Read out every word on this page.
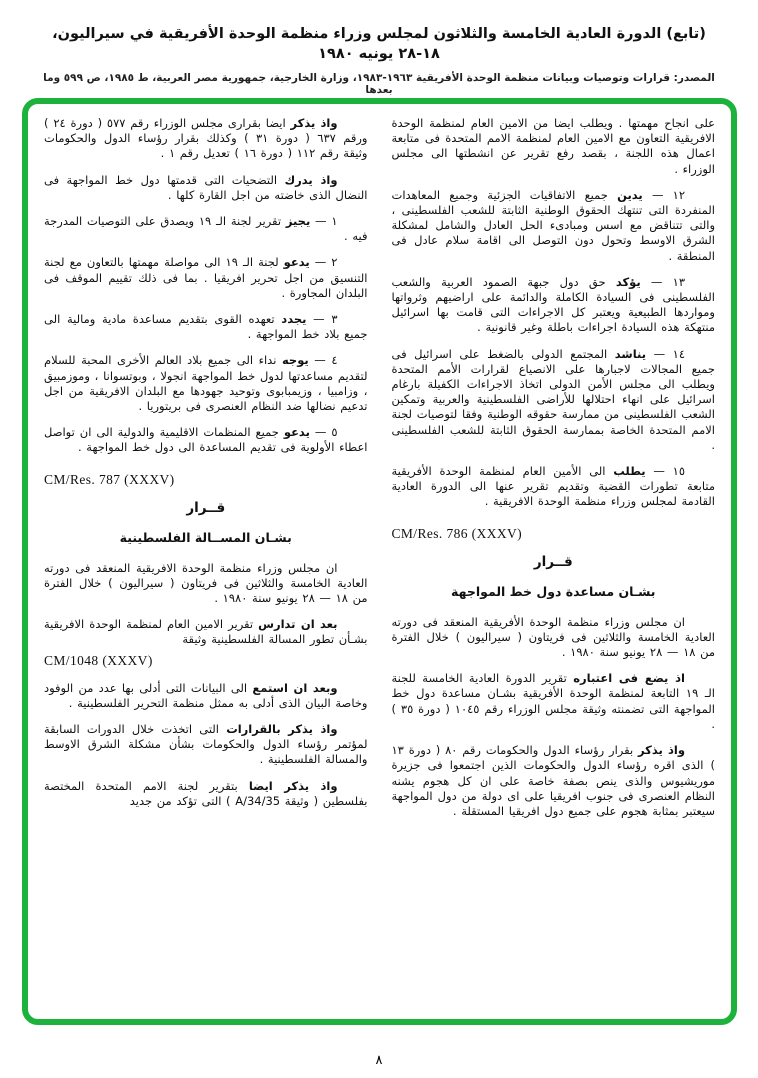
(تابع) الدورة العادية الخامسة والثلاثون لمجلس وزراء منظمة الوحدة الأفريقية في سيراليون، ١٨-٢٨ يونيه ١٩٨٠
المصدر: قرارات وتوصيات وبيانات منظمة الوحدة الأفريقية ١٩٦٣-١٩٨٣، وزارة الخارجية، جمهورية مصر العربية، ط ١٩٨٥، ص ٥٩٩ وما بعدها

على انجاح مهمتها . ويطلب ايضا من الامين العام لمنظمة الوحدة الافريقية التعاون مع الامين العام لمنظمة الامم المتحدة فى متابعة اعمال هذه اللجنة ، بقصد رفع تقرير عن انشطتها الى مجلس الوزراء .

١٢ — يدين جميع الاتفاقيات الجزئية وجميع المعاهدات المنفردة التى تنتهك الحقوق الوطنية الثابتة للشعب الفلسطينى ، والتى تتناقض مع اسس ومبادىء الحل العادل والشامل لمشكلة الشرق الاوسط وتحول دون التوصل الى اقامة سلام عادل فى المنطقة .

١٣ — يؤكد حق دول جبهة الصمود العربية والشعب الفلسطينى فى السيادة الكاملة والدائمة على اراضيهم وثرواتها ومواردها الطبيعية ويعتبر كل الاجراءات التى قامت بها اسرائيل منتهكة هذه السيادة اجراءات باطلة وغير قانونية .

١٤ — يناشد المجتمع الدولى بالضغط على اسرائيل فى جميع المجالات لاجبارها على الانصياع لقرارات الأمم المتحدة ويطلب الى مجلس الأمن الدولى اتخاذ الاجراءات الكفيلة بارغام اسرائيل على انهاء احتلالها للأراضى الفلسطينية والعربية وتمكين الشعب الفلسطينى من ممارسة حقوقه الوطنية وفقا لتوصيات لجنة الامم المتحدة الخاصة بممارسة الحقوق الثابتة للشعب الفلسطينى .

١٥ — يطلب الى الأمين العام لمنظمة الوحدة الأفريقية متابعة تطورات القضية وتقديم تقرير عنها الى الدورة العادية القادمة لمجلس وزراء منظمة الوحدة الافريقية .

CM/Res. 786 (XXXV)

قــرار
بشـان مساعدة دول خط المواجهة

ان مجلس وزراء منظمة الوحدة الأفريقية المنعقد فى دورته العادية الخامسة والثلاثين فى فريتاون ( سيراليون ) خلال الفترة من ١٨ — ٢٨ يونيو سنة ١٩٨٠ .

اذ يضع فى اعتباره تقرير الدورة العادية الخامسة للجنة الـ ١٩ التابعة لمنظمة الوحدة الأفريقية بشـان مساعدة دول خط المواجهة التى تضمنته وثيقة مجلس الوزراء رقم ١٠٤٥ ( دورة ٣٥ ) .

واذ يذكر بقرار رؤساء الدول والحكومات رقم ٨٠ ( دورة ١٣ ) الذى اقره رؤساء الدول والحكومات الذين اجتمعوا فى جزيرة موريشيوس والذى ينص بصفة خاصة على ان كل هجوم يشنه النظام العنصرى فى جنوب افريقيا على اى دولة من دول المواجهة سيعتبر بمثابة هجوم على جميع دول افريقيا المستقلة .

واذ يذكر ايضا بقرارى مجلس الوزراء رقم ٥٧٧ ( دورة ٢٤ ) ورقم ٦٣٧ ( دورة ٣١ ) وكذلك بقرار رؤساء الدول والحكومات وثيقة رقم ١١٢ ( دورة ١٦ ) تعديل رقم ١ .

واذ يدرك التضحيات التى قدمتها دول خط المواجهة فى النضال الذى خاضته من اجل القارة كلها .

١ — يجيز تقرير لجنة الـ ١٩ ويصدق على التوصيات المدرجة فيه .

٢ — يدعو لجنة الـ ١٩ الى مواصلة مهمتها بالتعاون مع لجنة التنسيق من اجل تحرير افريقيا . بما فى ذلك تقييم الموقف فى البلدان المجاورة .

٣ — يجدد تعهده القوى بتقديم مساعدة مادية ومالية الى جميع بلاد خط المواجهة .

٤ — يوجه نداء الى جميع بلاد العالم الأخرى المحبة للسلام لتقديم مساعدتها لدول خط المواجهة انجولا ، وبوتسوانا ، وموزمبيق ، وزامبيا ، وزيمبابوى وتوحيد جهودها مع البلدان الافريقية من اجل تدعيم نضالها ضد النظام العنصرى فى بريتوريا .

٥ — يدعو جميع المنظمات الاقليمية والدولية الى ان تواصل اعطاء الأولوية فى تقديم المساعدة الى دول خط المواجهة .

CM/Res. 787 (XXXV)

قــرار
بشـان المســالة الفلسطينية

ان مجلس وزراء منظمة الوحدة الافريقية المنعقد فى دورته العادية الخامسة والثلاثين فى فريتاون ( سيراليون ) خلال الفترة من ١٨ — ٢٨ يونيو سنة ١٩٨٠ .

بعد ان تدارس تقرير الامين العام لمنظمة الوحدة الافريقية بشـأن تطور المسالة الفلسطينية وثيقة

CM/1048 (XXXV)

وبعد ان استمع الى البيانات التى أدلى بها عدد من الوفود وخاصة البيان الذى أدلى به ممثل منظمة التحرير الفلسطينية .

واذ يذكر بالقرارات التى اتخذت خلال الدورات السابقة لمؤتمر رؤساء الدول والحكومات بشأن مشكلة الشرق الاوسط والمسالة الفلسطينية .

واذ يذكر ايضا بتقرير لجنة الامم المتحدة المختصة بفلسطين ( وثيقة A/34/35 ) التى تؤكد من جديد

٨
